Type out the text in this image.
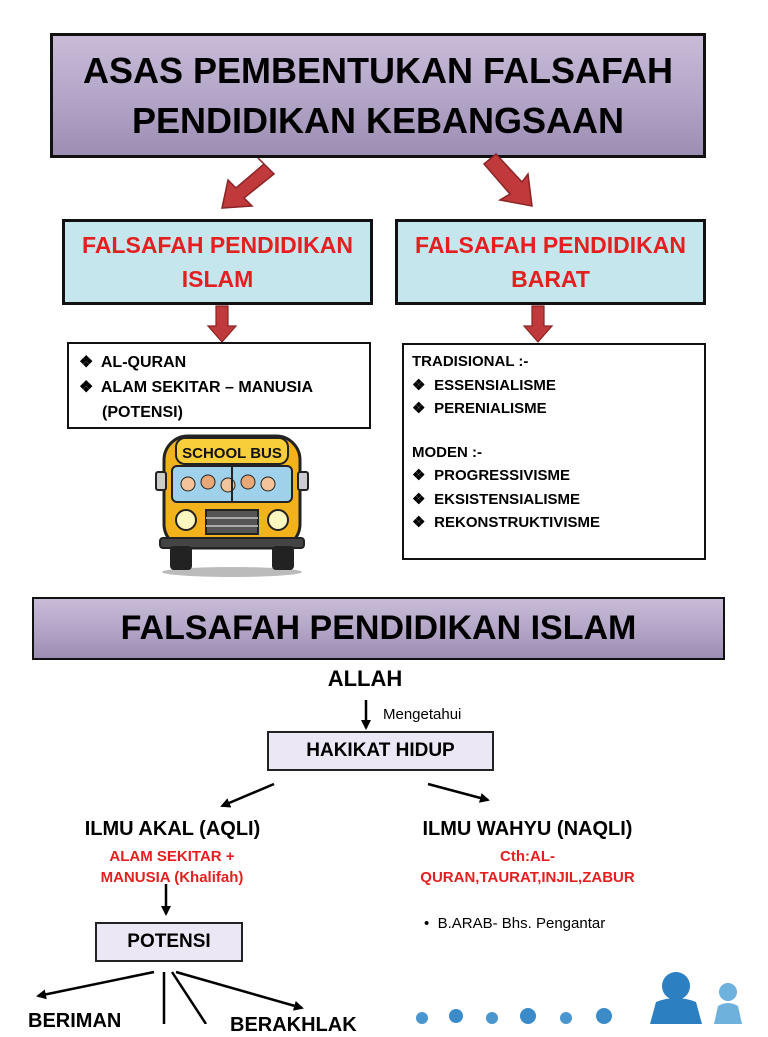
ASAS PEMBENTUKAN FALSAFAH
PENDIDIKAN KEBANGSAAN
FALSAFAH PENDIDIKAN
ISLAM
FALSAFAH PENDIDIKAN
BARAT
❖ AL-QURAN
❖ ALAM SEKITAR – MANUSIA
(POTENSI)
SCHOOL BUS
TRADISIONAL :-
❖ ESSENSIALISME
❖ PERENIALISME
MODEN :-
❖ PROGRESSIVISME
❖ EKSISTENSIALISME
❖ REKONSTRUKTIVISME
FALSAFAH PENDIDIKAN ISLAM
ALLAH
Mengetahui
HAKIKAT HIDUP
ILMU AKAL (AQLI)
ALAM SEKITAR +
MANUSIA (Khalifah)
ILMU WAHYU (NAQLI)
Cth:AL-
QURAN,TAURAT,INJIL,ZABUR
• B.ARAB- Bhs. Pengantar
POTENSI
BERIMAN	BERAKHLAK
